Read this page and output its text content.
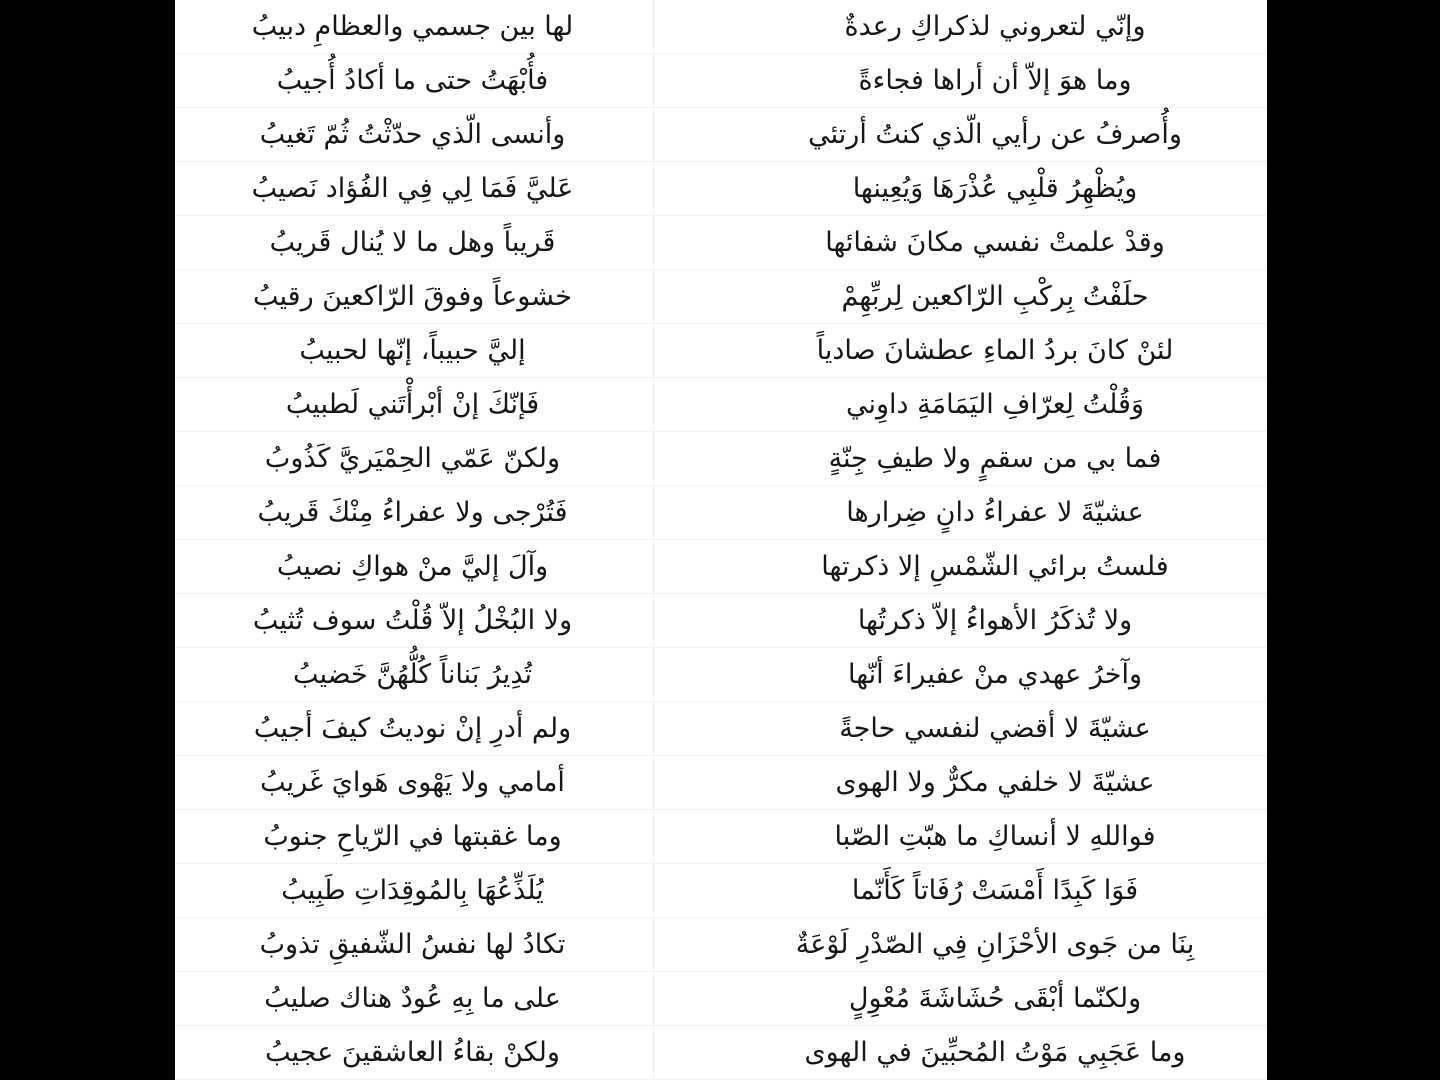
وإنّي لتعروني لذكراكِ رعدةٌ
لها بين جسمي والعظامِ دبيبُ
وما هوَ إلاّ أن أراها فجاءةً
فأُبْهَتُ حتى ما أكادُ أُجيبُ
وأُصرفُ عن رأيي الّذي كنتُ أرتئي
وأنسى الّذي حدّثْتُ ثُمّ تَغيبُ
ويُظْهِرُ قلْبِي عُذْرَهَا وَيُعِينها
عَليَّ فَمَا لِي فِي الفُؤاد نَصيبُ
وقدْ علمتْ نفسي مكانَ شفائها
قَريباً وهل ما لا يُنال قَريبُ
حلَفْتُ بِركْبِ الرّاكعين لِربِّهِمْ
خشوعاً وفوقَ الرّاكعينَ رقيبُ
لئنْ كانَ بردُ الماءِ عطشانَ صادياً
إليَّ حبيباً، إنّها لحبيبُ
وَقُلْتُ لِعرّافِ اليَمَامَةِ داوِني
فَإنّكَ إنْ أبْرأْتَني لَطبيبُ
فما بي من سقمٍ ولا طيفِ جِنّةٍ
ولكنّ عَمّي الحِمْيَريَّ كَذُوبُ
عشيّةَ لا عفراءُ دانٍ ضِرارها
فَتُرْجى ولا عفراءُ مِنْكَ قَريبُ
فلستُ برائي الشّمْسِ إلا ذكرتها
وآلَ إليَّ منْ هواكِ نصيبُ
ولا تُذكَرُ الأهواءُ إلاّ ذكرتُها
ولا البُخْلُ إلاّ قُلْتُ سوف تُثيبُ
وآخرُ عهدي منْ عفيراءَ أنّها
تُدِيرُ بَناناً كُلُّهُنَّ خَضيبُ
عشيّةَ لا أقضي لنفسي حاجةً
ولم أدرِ إنْ نوديتُ كيفَ أجيبُ
عشيّةَ لا خلفي مكرٌّ ولا الهوى
أمامي ولا يَهْوى هَوايَ غَريبُ
فواللهِ لا أنساكِ ما هبّتِ الصّبا
وما غقبتها في الرّياحِ جنوبُ
فَوَا كَبِدًا أَمْسَتْ رُفَاتاً كَأَنّما
يُلَذِّعُهَا بِالمُوقِدَاتِ طَبِيبُ
بِنَا من جَوى الأحْزَانِ فِي الصّدْرِ لَوْعَةٌ
تكادُ لها نفسُ الشّفيقِ تذوبُ
ولكنّما أبْقَى حُشَاشَةَ مُعْوِلٍ
على ما بِهِ عُودٌ هناك صليبُ
وما عَجَبِي مَوْتُ المُحبِّينَ في الهوى
ولكنْ بقاءُ العاشقينَ عجيبُ
